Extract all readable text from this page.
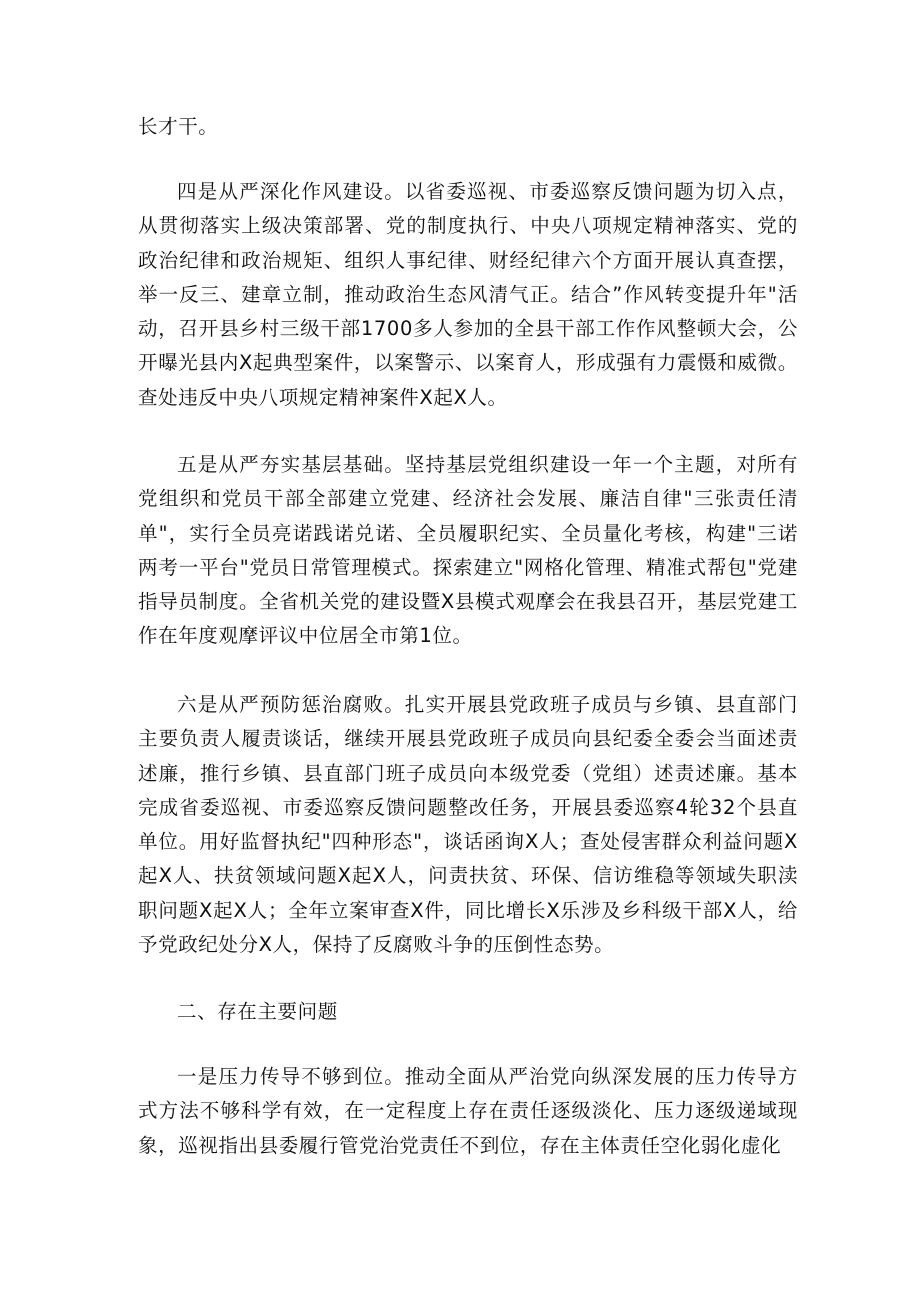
长才干。

四是从严深化作风建设。以省委巡视、市委巡察反馈问题为切入点，从贯彻落实上级决策部署、党的制度执行、中央八项规定精神落实、党的政治纪律和政治规矩、组织人事纪律、财经纪律六个方面开展认真查摆，举一反三、建章立制，推动政治生态风清气正。结合”作风转变提升年"活动，召开县乡村三级干部1700多人参加的全县干部工作作风整顿大会，公开曝光县内X起典型案件，以案警示、以案育人，形成强有力震慑和威微。查处违反中央八项规定精神案件X起X人。

五是从严夯实基层基础。坚持基层党组织建设一年一个主题，对所有党组织和党员干部全部建立党建、经济社会发展、廉洁自律"三张责任清单"，实行全员亮诺践诺兑诺、全员履职纪实、全员量化考核，构建"三诺两考一平台"党员日常管理模式。探索建立"网格化管理、精准式帮包"党建指导员制度。全省机关党的建设暨X县模式观摩会在我县召开，基层党建工作在年度观摩评议中位居全市第1位。

六是从严预防惩治腐败。扎实开展县党政班子成员与乡镇、县直部门主要负责人履责谈话，继续开展县党政班子成员向县纪委全委会当面述责述廉，推行乡镇、县直部门班子成员向本级党委（党组）述责述廉。基本完成省委巡视、市委巡察反馈问题整改任务，开展县委巡察4轮32个县直单位。用好监督执纪"四种形态"，谈话函询X人；查处侵害群众利益问题X起X人、扶贫领域问题X起X人，问责扶贫、环保、信访维稳等领域失职渎职问题X起X人；全年立案审查X件，同比增长X乐涉及乡科级干部X人，给予党政纪处分X人，保持了反腐败斗争的压倒性态势。

二、存在主要问题

一是压力传导不够到位。推动全面从严治党向纵深发展的压力传导方式方法不够科学有效，在一定程度上存在责任逐级淡化、压力逐级递域现象，巡视指出县委履行管党治党责任不到位，存在主体责任空化弱化虚化
